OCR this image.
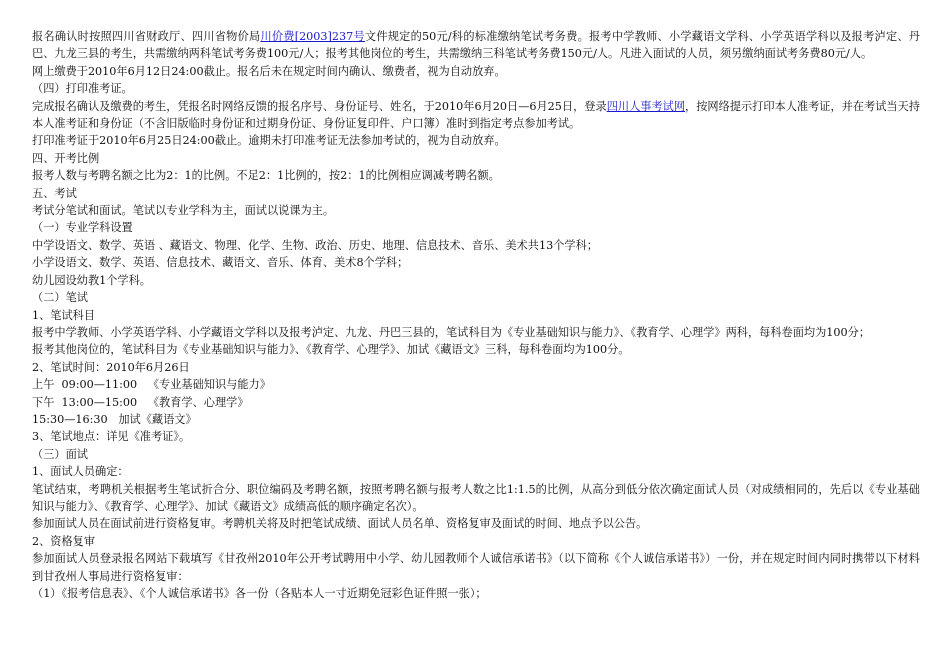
报名确认时按照四川省财政厅、四川省物价局川价费[2003]237号文件规定的50元/科的标准缴纳笔试考务费。报考中学教师、小学藏语文学科、小学英语学科以及报考泸定、丹巴、九龙三县的考生，共需缴纳两科笔试考务费100元/人；报考其他岗位的考生，共需缴纳三科笔试考务费150元/人。凡进入面试的人员，须另缴纳面试考务费80元/人。

网上缴费于2010年6月12日24:00截止。报名后未在规定时间内确认、缴费者，视为自动放弃。

（四）打印准考证。

完成报名确认及缴费的考生，凭报名时网络反馈的报名序号、身份证号、姓名，于2010年6月20日—6月25日，登录四川人事考试网，按网络提示打印本人准考证，并在考试当天持本人准考证和身份证（不含旧版临时身份证和过期身份证、身份证复印件、户口簿）准时到指定考点参加考试。

打印准考证于2010年6月25日24:00截止。逾期未打印准考证无法参加考试的，视为自动放弃。

四、开考比例

报考人数与考聘名额之比为2：1的比例。不足2：1比例的，按2：1的比例相应调减考聘名额。

五、考试

考试分笔试和面试。笔试以专业学科为主，面试以说课为主。

（一）专业学科设置

中学设语文、数学、英语 、藏语文、物理、化学、生物、政治、历史、地理、信息技术、音乐、美术共13个学科；

小学设语文、数学、英语、信息技术、藏语文、音乐、体育、美术8个学科；

幼儿园设幼教1个学科。

（二）笔试

1、笔试科目

报考中学教师、小学英语学科、小学藏语文学科以及报考泸定、九龙、丹巴三县的，笔试科目为《专业基础知识与能力》、《教育学、心理学》两科，每科卷面均为100分；

报考其他岗位的，笔试科目为《专业基础知识与能力》、《教育学、心理学》、加试《藏语文》三科，每科卷面均为100分。

2、笔试时间：2010年6月26日

上午  09:00—11:00   《专业基础知识与能力》

下午  13:00—15:00   《教育学、心理学》

15:30—16:30   加试《藏语文》

3、笔试地点：详见《准考证》。

（三）面试

1、面试人员确定：

笔试结束，考聘机关根据考生笔试折合分、职位编码及考聘名额，按照考聘名额与报考人数之比1:1.5的比例，从高分到低分依次确定面试人员（对成绩相同的，先后以《专业基础知识与能力》、《教育学、心理学》、加试《藏语文》成绩高低的顺序确定名次）。

参加面试人员在面试前进行资格复审。考聘机关将及时把笔试成绩、面试人员名单、资格复审及面试的时间、地点予以公告。

2、资格复审

参加面试人员登录报名网站下载填写《甘孜州2010年公开考试聘用中小学、幼儿园教师个人诚信承诺书》（以下简称《个人诚信承诺书》）一份，并在规定时间内同时携带以下材料到甘孜州人事局进行资格复审：

（1）《报考信息表》、《个人诚信承诺书》各一份（各贴本人一寸近期免冠彩色证件照一张）；
